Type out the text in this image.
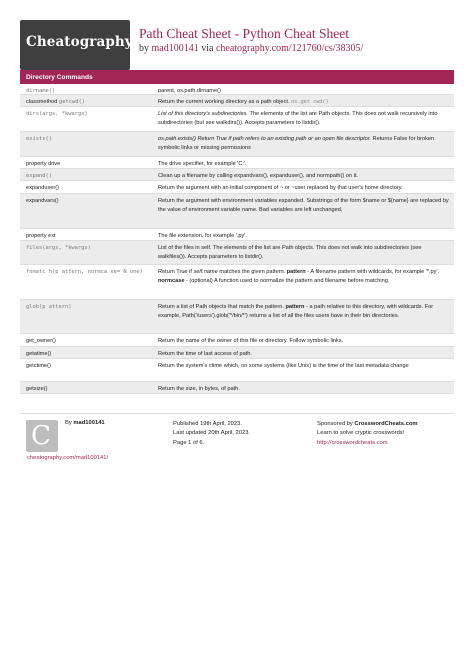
Cheatography
Path Cheat Sheet - Python Cheat Sheet
by mad100141 via cheatography.com/121760/cs/38305/
Directory Commands
dirname()	parent, os.path.dirname()
classmethod getcwd()	Return the current working directory as a path object. os.get cwd()
dirs(args, *kwargs)	List of this directory's subdirectories. The elements of the list are Path objects. This does not walk recursively into subdirectories (but see walkdirs()). Accepts parameters to listdir().
exists()	os.path.exists() Return True if path refers to an existing path or an open file descriptor. Returns False for broken symbolic links or missing permissions
property drive	The drive specifier, for example 'C:'.
expand()	Clean up a filename by calling expandvars(), expanduser(), and normpath() on it.
expanduser()	Return the argument with an initial component of ~ or ~user replaced by that user's home directory.
expandvars()	Return the argument with environment variables expanded. Substrings of the form $name or ${name} are replaced by the value of environment variable name. Bad variables are left unchanged.
property ext	The file extension, for example '.py'.
files(args, *kwargs)	List of the files in self. The elements of the list are Path objects. This does not walk into subdirectories (see walkfiles()). Accepts parameters to listdir().
fnmatc h(p attern, normca se= N one)	Return True if self.name matches the given pattern. pattern - A filename pattern with wildcards, for example '*.py'. normcase - (optional) A function used to normalize the pattern and filename before matching.
glob(p attern)	Return a list of Path objects that match the pattern. pattern - a path relative to this directory, with wildcards. For example, Path('/users').glob('*/bin/*') returns a list of all the files users have in their bin directories.
get_owner()	Return the name of the owner of this file or directory. Follow symbolic links.
getatime()	Return the time of last access of path.
getctime()	Return the system's ctime which, on some systems (like Unix) is the time of the last metadata change
getsize()	Return the size, in bytes, of path.
C By mad100141	Published 19th April, 2023.
Last updated 20th April, 2023.
Page 1 of 6.
Sponsored by CrosswordCheats.com
Learn to solve cryptic crosswords!
http://crosswordcheats.com
cheatography.com/mad100141/
